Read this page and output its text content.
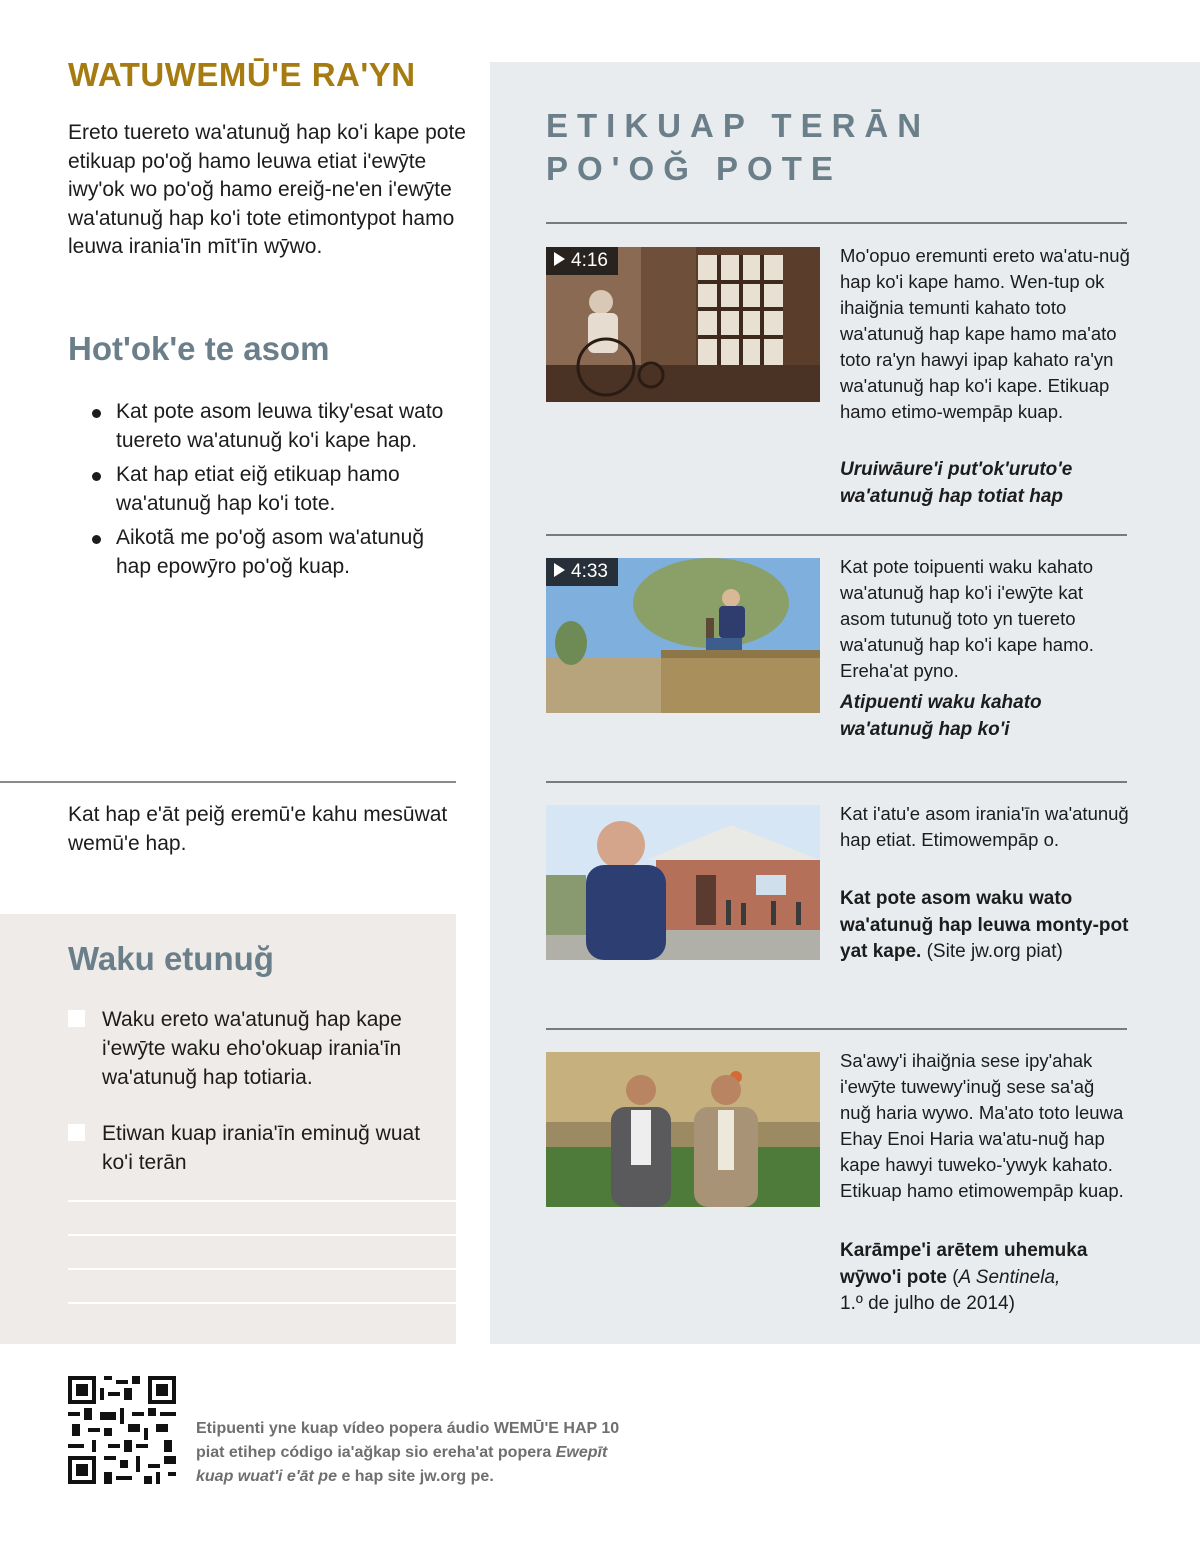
WATUWEMŪ'E RA'YN

Ereto tuereto wa'atunuğ hap ko'i kape pote etikuap po'oğ hamo leuwa etiat i'ewȳte iwy'ok wo po'oğ hamo ereiğ-ne'en i'ewȳte wa'atunuğ hap ko'i tote etimontypot hamo leuwa irania'īn mīt'īn wȳwo.

Hot'ok'e te asom
Kat pote asom leuwa tiky'esat wato tuereto wa'atunuğ ko'i kape hap.
Kat hap etiat eiğ etikuap hamo wa'atunuğ hap ko'i tote.
Aikotã me po'oğ asom wa'atunuğ hap epowȳro po'oğ kuap.

Kat hap e'āt peiğ eremū'e kahu mesūwat wemū'e hap.

Waku etunuğ
Waku ereto wa'atunuğ hap kape i'ewȳte waku eho'okuap irania'īn wa'atunuğ hap totiaria.
Etiwan kuap irania'īn eminuğ wuat ko'i terān
ETIKUAP TERĀN
PO'OĞ POTE
4:16	Mo'opuo eremunti ereto wa'atu-nuğ hap ko'i kape hamo. Wen-tup ok ihaiğnia temunti kahato toto wa'atunuğ hap kape hamo ma'ato toto ra'yn hawyi ipap kahato ra'yn wa'atunuğ hap ko'i kape. Etikuap hamo etimo-wempāp kuap.

Uruiwāure'i put'ok'uruto'e wa'atunuğ hap totiat hap

4:33	Kat pote toipuenti waku kahato wa'atunuğ hap ko'i i'ewȳte kat asom tutunuğ toto yn tuereto wa'atunuğ hap ko'i kape hamo. Ereha'at pyno.

Atipuenti waku kahato wa'atunuğ hap ko'i

Kat i'atu'e asom irania'īn wa'atunuğ hap etiat. Etimowempāp o.

Kat pote asom waku wato wa'atunuğ hap leuwa monty-pot yat kape. (Site jw.org piat)

Sa'awy'i ihaiğnia sese ipy'ahak i'ewȳte tuwewy'inuğ sese sa'ağ nuğ haria wywo. Ma'ato toto leuwa Ehay Enoi Haria wa'atu-nuğ hap kape hawyi tuweko-'ywyk kahato. Etikuap hamo etimowempāp kuap.

Karāmpe'i arētem uhemuka wȳwo'i pote (A Sentinela,
1.º de julho de 2014)

Etipuenti yne kuap vídeo popera áudio WEMŪ'E HAP 10
piat etihep código ia'ağkap sio ereha'at popera Ewepīt
kuap wuat'i e'āt pe e hap site jw.org pe.
